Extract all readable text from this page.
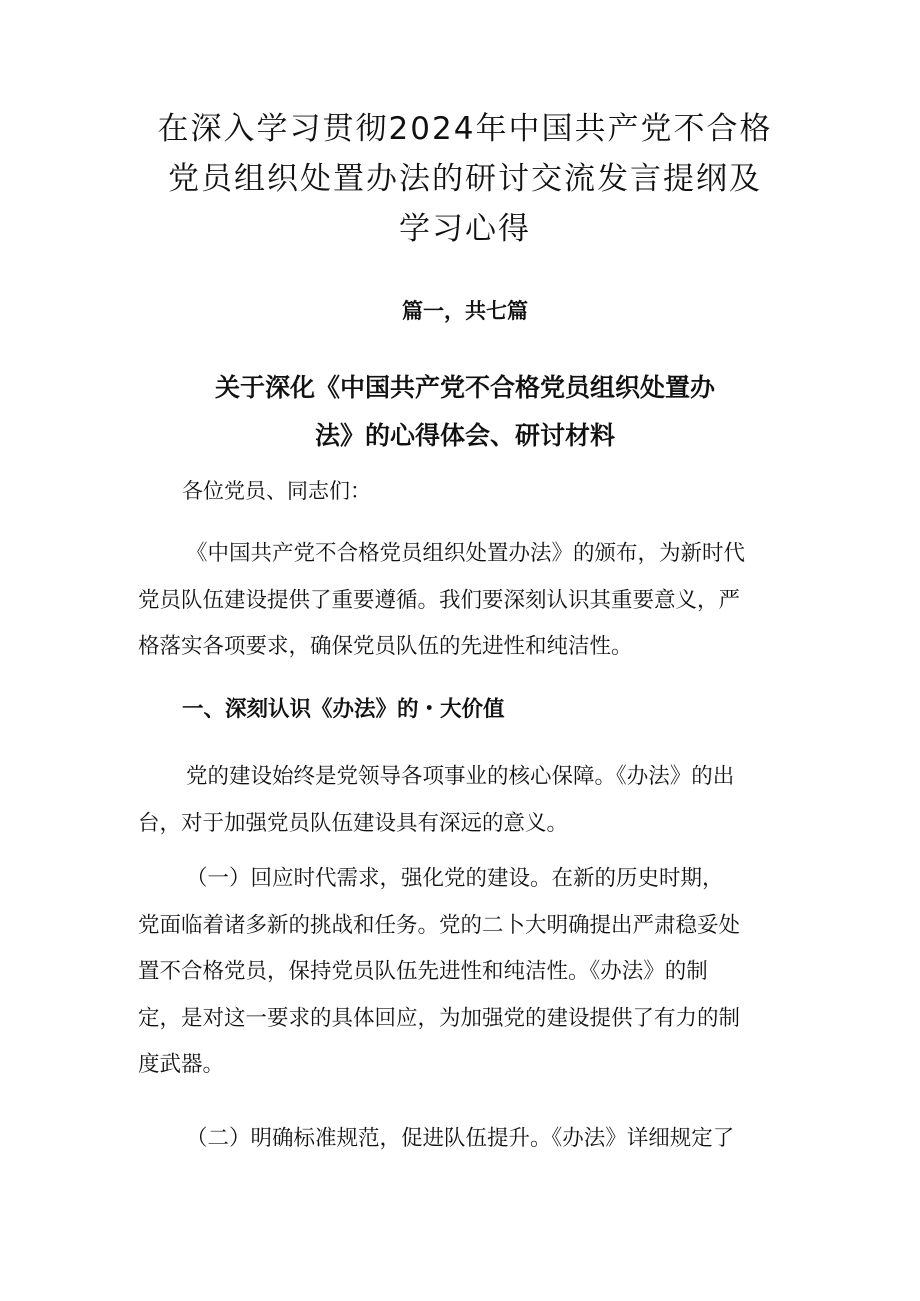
在深入学习贯彻2024年中国共产党不合格
党员组织处置办法的研讨交流发言提纲及
学习心得

篇一，共七篇

关于深化《中国共产党不合格党员组织处置办
法》的心得体会、研讨材料

各位党员、同志们：

《中国共产党不合格党员组织处置办法》的颁布，为新时代
党员队伍建设提供了重要遵循。我们要深刻认识其重要意义，严
格落实各项要求，确保党员队伍的先进性和纯洁性。

一、深刻认识《办法》的・大价值

党的建设始终是党领导各项事业的核心保障。《办法》的出
台，对于加强党员队伍建设具有深远的意义。

（一）回应时代需求，强化党的建设。在新的历史时期，
党面临着诸多新的挑战和任务。党的二卜大明确提出严肃稳妥处
置不合格党员，保持党员队伍先进性和纯洁性。《办法》的制
定，是对这一要求的具体回应，为加强党的建设提供了有力的制
度武器。

（二）明确标准规范，促进队伍提升。《办法》详细规定了
